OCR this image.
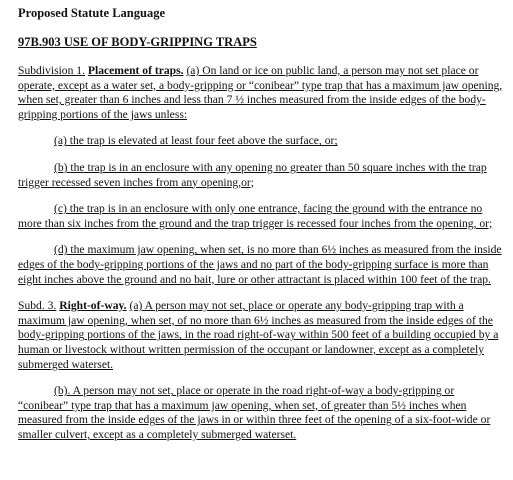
Proposed Statute Language
97B.903 USE OF BODY-GRIPPING TRAPS

Subdivision 1. Placement of traps. (a) On land or ice on public land, a person may not set place or operate, except as a water set, a body-gripping or “conibear” type trap that has a maximum jaw opening, when set, greater than 6 inches and less than 7 ½ inches measured from the inside edges of the body-gripping portions of the jaws unless:

(a) the trap is elevated at least four feet above the surface, or;

(b) the trap is in an enclosure with any opening no greater than 50 square inches with the trap trigger recessed seven inches from any opening,or;

(c) the trap is in an enclosure with only one entrance, facing the ground with the entrance no more than six inches from the ground and the trap trigger is recessed four inches from the opening, or;

(d) the maximum jaw opening, when set, is no more than 6½ inches as measured from the inside edges of the body-gripping portions of the jaws and no part of the body-gripping surface is more than eight inches above the ground and no bait, lure or other attractant is placed within 100 feet of the trap.

Subd. 3. Right-of-way. (a) A person may not set, place or operate any body-gripping trap with a maximum jaw opening, when set, of no more than 6½ inches as measured from the inside edges of the body-gripping portions of the jaws, in the road right-of-way within 500 feet of a building occupied by a human or livestock without written permission of the occupant or landowner, except as a completely submerged waterset.

(b). A person may not set, place or operate in the road right-of-way a body-gripping or “conibear” type trap that has a maximum jaw opening, when set, of greater than 5½ inches when measured from the inside edges of the jaws in or within three feet of the opening of a six-foot-wide or smaller culvert, except as a completely submerged waterset.
